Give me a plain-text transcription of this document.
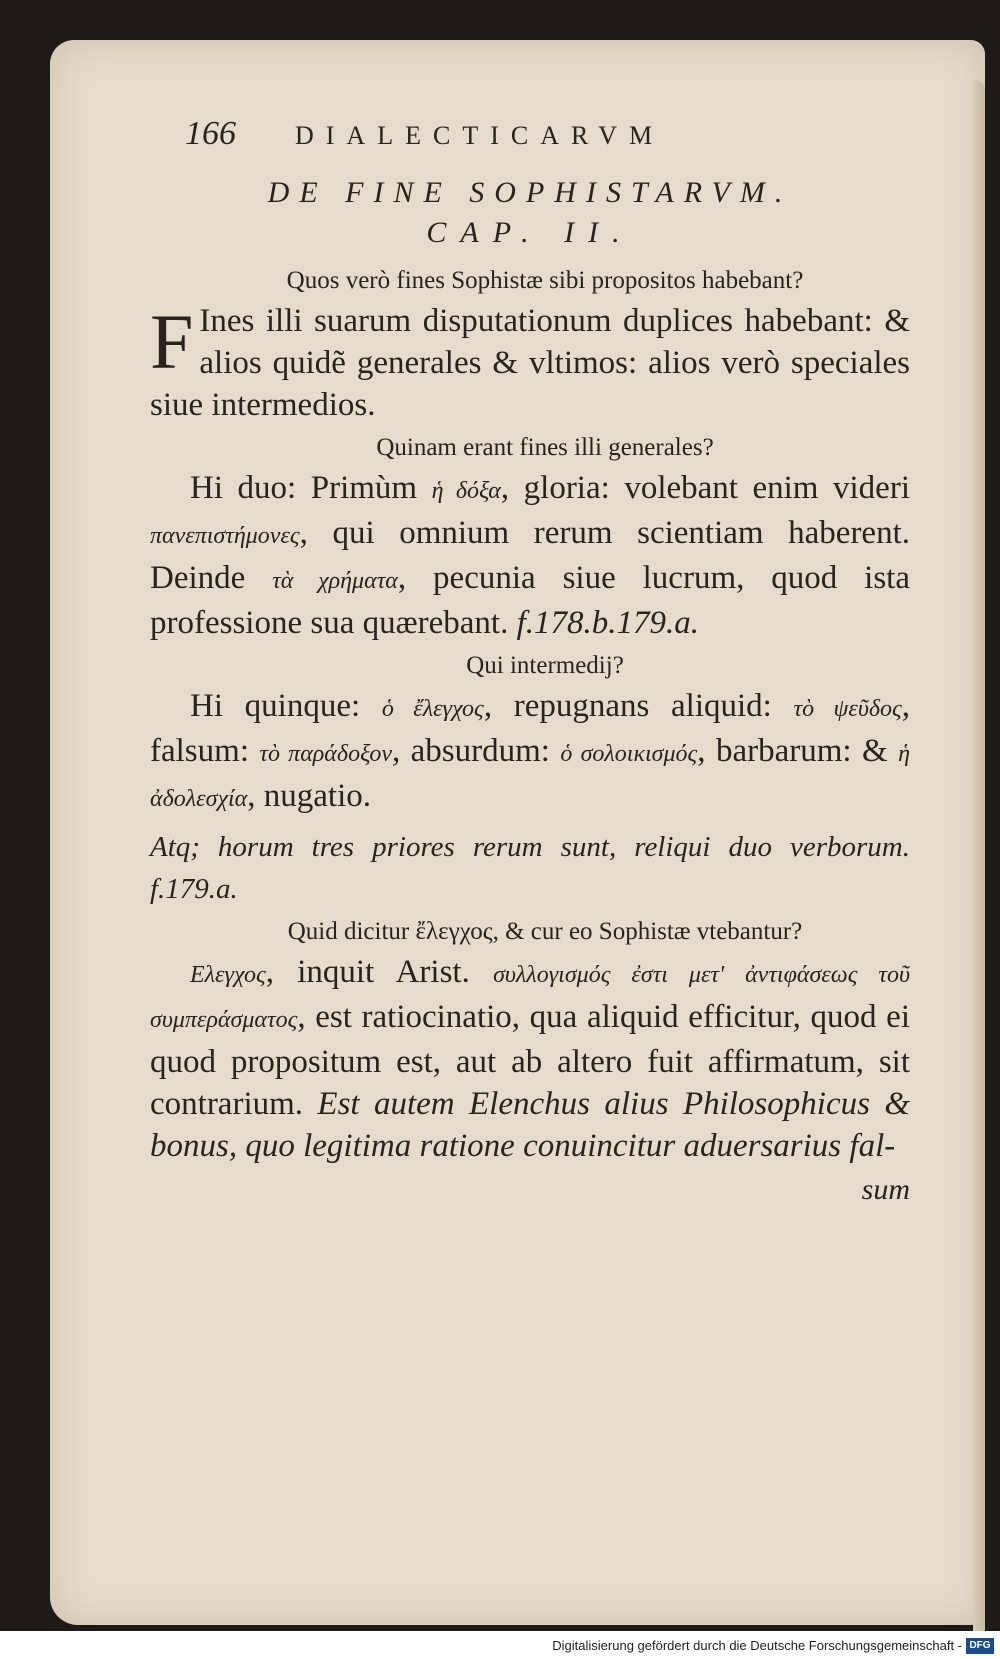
166	DIALECTICARVM
DE FINE SOPHISTARVM.
CAP. II.
Quos verò fines Sophistæ sibi propositos habebant?
F Ines illi suarum disputationum duplices habebant: & alios quidẽ generales & vltimos: alios verò speciales siue intermedios.
Quinam erant fines illi generales?
Hi duo: Primùm ἡ δόξα, gloria: volebant enim videri πανεπιστήμονες, qui omnium rerum scientiam haberent. Deinde τὰ χρήματα, pecunia siue lucrum, quod ista professione sua quærebant. f.178.b.179.a.
Qui intermedij?
Hi quinque: ὁ ἔλεγχος, repugnans aliquid: τὸ ψεῦδος, falsum: τὸ παράδοξον, absurdum: ὁ σολοικισμός, barbarum: & ἡ ἀδολεσχία, nugatio.
Atq; horum tres priores rerum sunt, reliqui duo verborum. f.179.a.
Quid dicitur ἔλεγχος, & cur eo Sophistæ vtebantur?
Ελεγχος, inquit Arist. συλλογισμός ἐστι μετ' ἀντιφάσεως τοῦ συμπεράσματος, est ratiocinatio, qua aliquid efficitur, quod ei quod propositum est, aut ab altero fuit affirmatum, sit contrarium. Est autem Elenchus alius Philosophicus & bonus, quo legitima ratione conuincitur aduersarius fal-
sum
Digitalisierung gefördert durch die Deutsche Forschungsgemeinschaft - DFG
